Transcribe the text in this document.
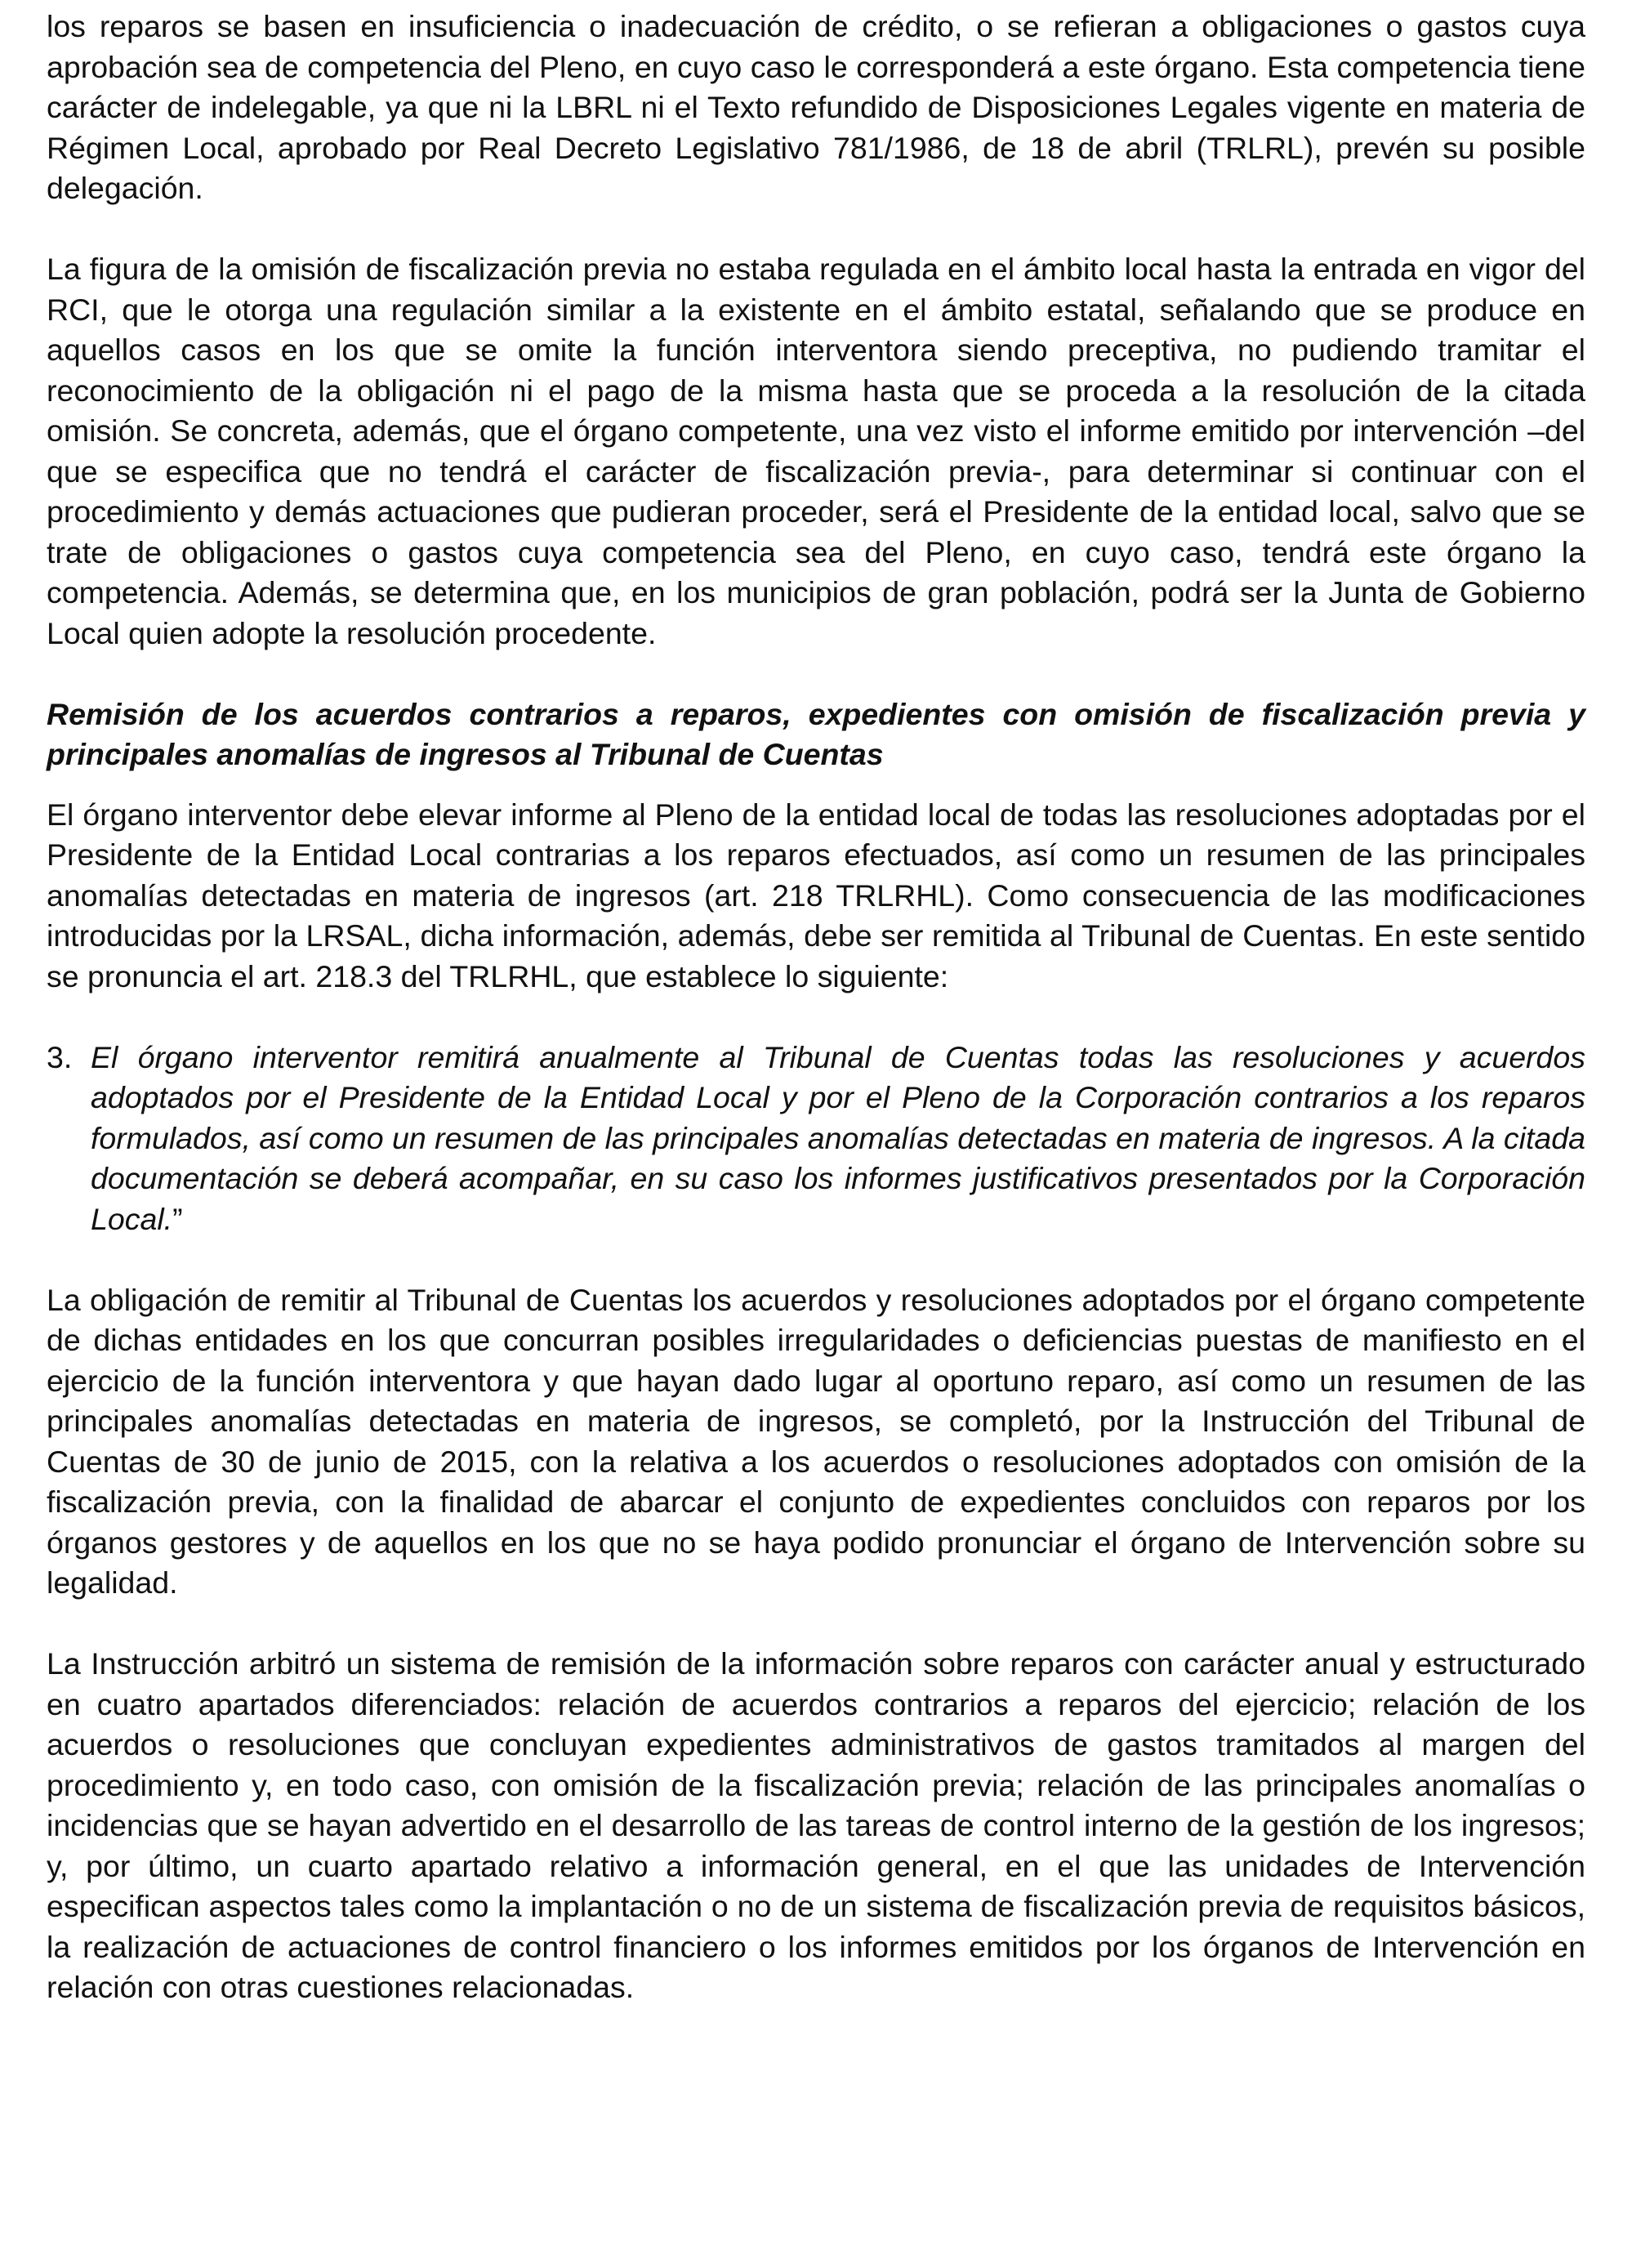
los reparos se basen en insuficiencia o inadecuación de crédito, o se refieran a obligaciones o gastos cuya aprobación sea de competencia del Pleno, en cuyo caso le corresponderá a este órgano. Esta competencia tiene carácter de indelegable, ya que ni la LBRL ni el Texto refundido de Disposiciones Legales vigente en materia de Régimen Local, aprobado por Real Decreto Legislativo 781/1986, de 18 de abril (TRLRL), prevén su posible delegación.

La figura de la omisión de fiscalización previa no estaba regulada en el ámbito local hasta la entrada en vigor del RCI, que le otorga una regulación similar a la existente en el ámbito estatal, señalando que se produce en aquellos casos en los que se omite la función interventora siendo preceptiva, no pudiendo tramitar el reconocimiento de la obligación ni el pago de la misma hasta que se proceda a la resolución de la citada omisión. Se concreta, además, que el órgano competente, una vez visto el informe emitido por intervención –del que se especifica que no tendrá el carácter de fiscalización previa-, para determinar si continuar con el procedimiento y demás actuaciones que pudieran proceder, será el Presidente de la entidad local, salvo que se trate de obligaciones o gastos cuya competencia sea del Pleno, en cuyo caso, tendrá este órgano la competencia. Además, se determina que, en los municipios de gran población, podrá ser la Junta de Gobierno Local quien adopte la resolución procedente.

Remisión de los acuerdos contrarios a reparos, expedientes con omisión de fiscalización previa y principales anomalías de ingresos al Tribunal de Cuentas

El órgano interventor debe elevar informe al Pleno de la entidad local de todas las resoluciones adoptadas por el Presidente de la Entidad Local contrarias a los reparos efectuados, así como un resumen de las principales anomalías detectadas en materia de ingresos (art. 218 TRLRHL). Como consecuencia de las modificaciones introducidas por la LRSAL, dicha información, además, debe ser remitida al Tribunal de Cuentas. En este sentido se pronuncia el art. 218.3 del TRLRHL, que establece lo siguiente:

3. El órgano interventor remitirá anualmente al Tribunal de Cuentas todas las resoluciones y acuerdos adoptados por el Presidente de la Entidad Local y por el Pleno de la Corporación contrarios a los reparos formulados, así como un resumen de las principales anomalías detectadas en materia de ingresos. A la citada documentación se deberá acompañar, en su caso los informes justificativos presentados por la Corporación Local.”

La obligación de remitir al Tribunal de Cuentas los acuerdos y resoluciones adoptados por el órgano competente de dichas entidades en los que concurran posibles irregularidades o deficiencias puestas de manifiesto en el ejercicio de la función interventora y que hayan dado lugar al oportuno reparo, así como un resumen de las principales anomalías detectadas en materia de ingresos, se completó, por la Instrucción del Tribunal de Cuentas de 30 de junio de 2015, con la relativa a los acuerdos o resoluciones adoptados con omisión de la fiscalización previa, con la finalidad de abarcar el conjunto de expedientes concluidos con reparos por los órganos gestores y de aquellos en los que no se haya podido pronunciar el órgano de Intervención sobre su legalidad.

La Instrucción arbitró un sistema de remisión de la información sobre reparos con carácter anual y estructurado en cuatro apartados diferenciados: relación de acuerdos contrarios a reparos del ejercicio; relación de los acuerdos o resoluciones que concluyan expedientes administrativos de gastos tramitados al margen del procedimiento y, en todo caso, con omisión de la fiscalización previa; relación de las principales anomalías o incidencias que se hayan advertido en el desarrollo de las tareas de control interno de la gestión de los ingresos; y, por último, un cuarto apartado relativo a información general, en el que las unidades de Intervención especifican aspectos tales como la implantación o no de un sistema de fiscalización previa de requisitos básicos, la realización de actuaciones de control financiero o los informes emitidos por los órganos de Intervención en relación con otras cuestiones relacionadas.
